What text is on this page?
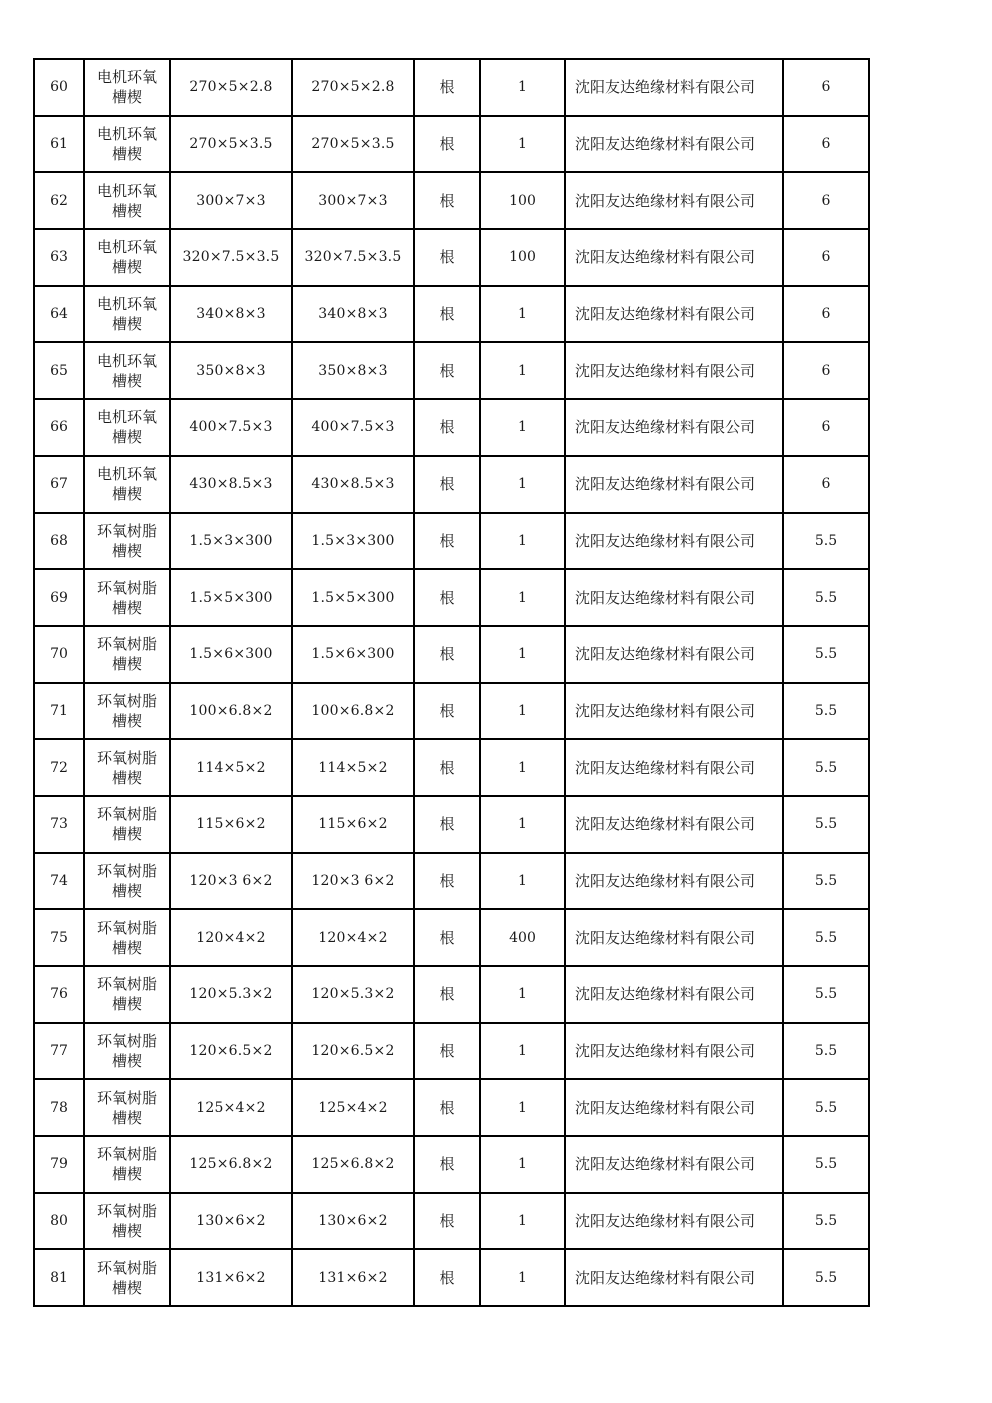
60	电机环氧槽楔	270×5×2.8	270×5×2.8	根	1	沈阳友达绝缘材料有限公司	6
61	电机环氧槽楔	270×5×3.5	270×5×3.5	根	1	沈阳友达绝缘材料有限公司	6
62	电机环氧槽楔	300×7×3	300×7×3	根	100	沈阳友达绝缘材料有限公司	6
63	电机环氧槽楔	320×7.5×3.5	320×7.5×3.5	根	100	沈阳友达绝缘材料有限公司	6
64	电机环氧槽楔	340×8×3	340×8×3	根	1	沈阳友达绝缘材料有限公司	6
65	电机环氧槽楔	350×8×3	350×8×3	根	1	沈阳友达绝缘材料有限公司	6
66	电机环氧槽楔	400×7.5×3	400×7.5×3	根	1	沈阳友达绝缘材料有限公司	6
67	电机环氧槽楔	430×8.5×3	430×8.5×3	根	1	沈阳友达绝缘材料有限公司	6
68	环氧树脂槽楔	1.5×3×300	1.5×3×300	根	1	沈阳友达绝缘材料有限公司	5.5
69	环氧树脂槽楔	1.5×5×300	1.5×5×300	根	1	沈阳友达绝缘材料有限公司	5.5
70	环氧树脂槽楔	1.5×6×300	1.5×6×300	根	1	沈阳友达绝缘材料有限公司	5.5
71	环氧树脂槽楔	100×6.8×2	100×6.8×2	根	1	沈阳友达绝缘材料有限公司	5.5
72	环氧树脂槽楔	114×5×2	114×5×2	根	1	沈阳友达绝缘材料有限公司	5.5
73	环氧树脂槽楔	115×6×2	115×6×2	根	1	沈阳友达绝缘材料有限公司	5.5
74	环氧树脂槽楔	120×3 6×2	120×3 6×2	根	1	沈阳友达绝缘材料有限公司	5.5
75	环氧树脂槽楔	120×4×2	120×4×2	根	400	沈阳友达绝缘材料有限公司	5.5
76	环氧树脂槽楔	120×5.3×2	120×5.3×2	根	1	沈阳友达绝缘材料有限公司	5.5
77	环氧树脂槽楔	120×6.5×2	120×6.5×2	根	1	沈阳友达绝缘材料有限公司	5.5
78	环氧树脂槽楔	125×4×2	125×4×2	根	1	沈阳友达绝缘材料有限公司	5.5
79	环氧树脂槽楔	125×6.8×2	125×6.8×2	根	1	沈阳友达绝缘材料有限公司	5.5
80	环氧树脂槽楔	130×6×2	130×6×2	根	1	沈阳友达绝缘材料有限公司	5.5
81	环氧树脂槽楔	131×6×2	131×6×2	根	1	沈阳友达绝缘材料有限公司	5.5
